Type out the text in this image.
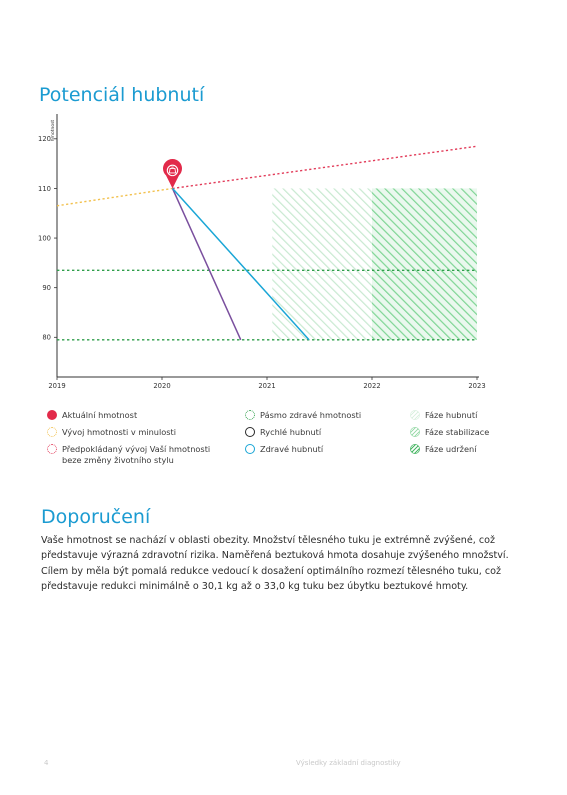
Potenciál hubnutí
hmotnost
80
90
100
110
120
2019	2020	2021	2022	2023
Aktuální hmotnost
Vývoj hmotnosti v minulosti
Předpokládaný vývoj Vaší hmotnosti
beze změny životního stylu
Pásmo zdravé hmotnosti
Rychlé hubnutí
Zdravé hubnutí
Fáze hubnutí
Fáze stabilizace
Fáze udržení
Doporučení

Vaše hmotnost se nachází v oblasti obezity. Množství tělesného tuku je extrémně zvýšené, což představuje výrazná zdravotní rizika. Naměřená beztuková hmota dosahuje zvýšeného množství. Cílem by měla být pomalá redukce vedoucí k dosažení optimálního rozmezí tělesného tuku, což představuje redukci minimálně o 30,1 kg až o 33,0 kg tuku bez úbytku beztukové hmoty.

4	Výsledky základní diagnostiky
